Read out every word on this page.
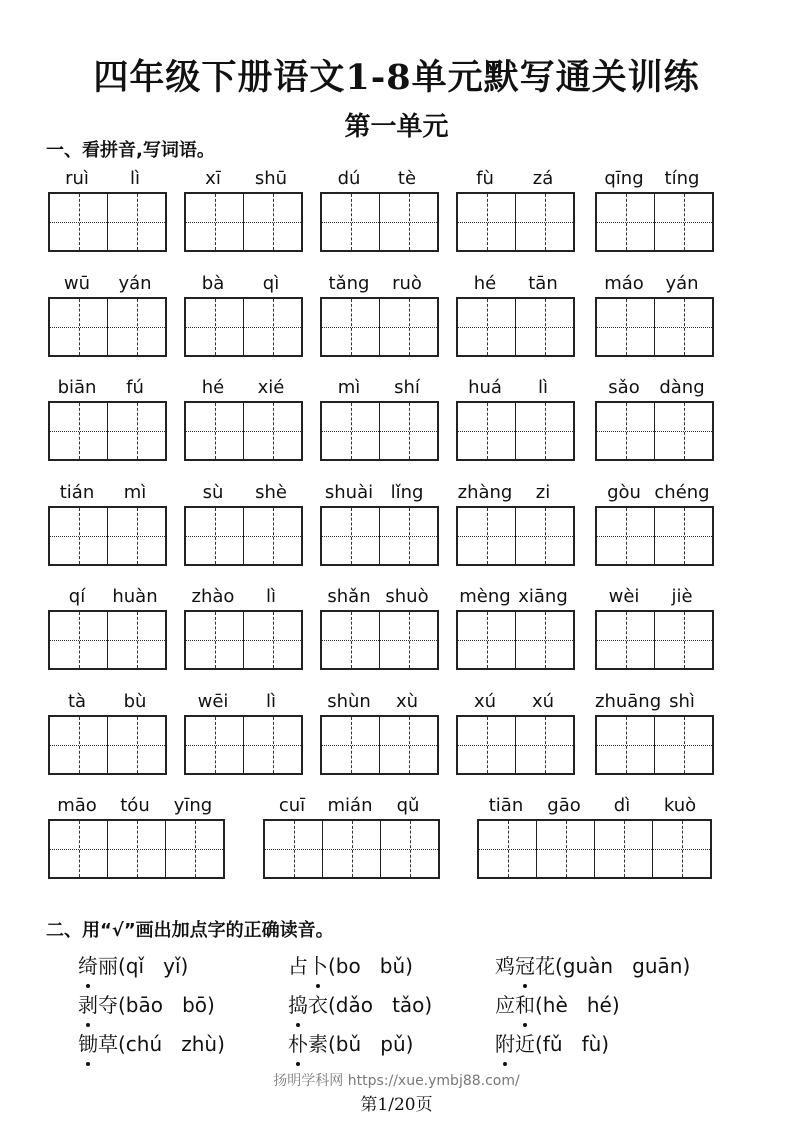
四年级下册语文1-8单元默写通关训练
第一单元
一、看拼音,写词语。
ruì	lì	xī	shū	dú	tè	fù	zá	qīng	tíng
wū	yán	bà	qì	tǎng	ruò	hé	tān	máo	yán
biān	fú	hé	xié	mì	shí	huá	lì	sǎo	dàng
tián	mì	sù	shè	shuài lǐng	zhàng	zi	gòu chéng
qí	huàn	zhào	lì	shǎn shuò	mèng xiāng	wèi	jiè
tà	bù	wēi	lì	shùn	xù	xú	xú	zhuāng shì
māo	tóu	yīng	cuī	mián	qǔ	tiān	gāo	dì	kuò
二、用“√”画出加点字的正确读音。
绮丽(qǐ   yǐ)	占卜(bo   bǔ)	鸡冠花(guàn   guān)
剥夺(bāo   bō)	捣衣(dǎo   tǎo)	应和(hè   hé)
锄草(chú   zhù)	朴素(bǔ   pǔ)	附近(fǔ   fù)
扬明学科网 https://xue.ymbj88.com/
第1/20页
